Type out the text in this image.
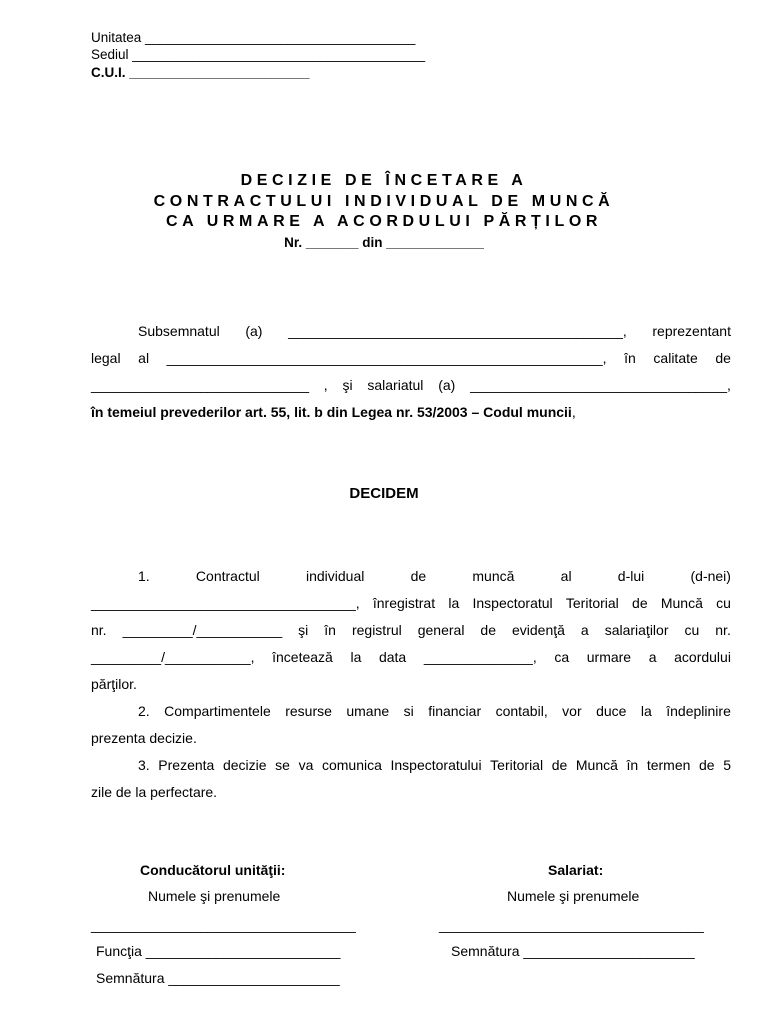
Unitatea ____________________________________
Sediul _______________________________________
C.U.I. ________________________
DECIZIE DE ÎNCETARE A
CONTRACTULUI INDIVIDUAL DE MUNCĂ
CA URMARE A ACORDULUI PĂRȚILOR
Nr. _______ din _____________
Subsemnatul (a) ___________________________________________, reprezentant
legal al ________________________________________________________, în calitate de
____________________________ , şi salariatul (a) _________________________________,
în temeiul prevederilor art. 55, lit. b din Legea nr. 53/2003 – Codul muncii,
DECIDEM
1.	Contractul	individual	de	muncă	al	d-lui	(d-nei)
__________________________________, înregistrat la Inspectoratul Teritorial de Muncă cu
nr. _________/___________ şi în registrul general de evidenţă a salariaţilor cu nr.
_________/___________, încetează la data ______________, ca urmare a acordului
părţilor.
2. Compartimentele resurse umane si financiar contabil, vor duce la îndeplinire
prezenta decizie.
3. Prezenta decizie se va comunica Inspectoratului Teritorial de Muncă în termen de 5
zile de la perfectare.
Conducătorul unităţii:
Numele şi prenumele
__________________________________
Funcţia _________________________
Semnătura ______________________
Salariat:
Numele şi prenumele
__________________________________
Semnătura ______________________
